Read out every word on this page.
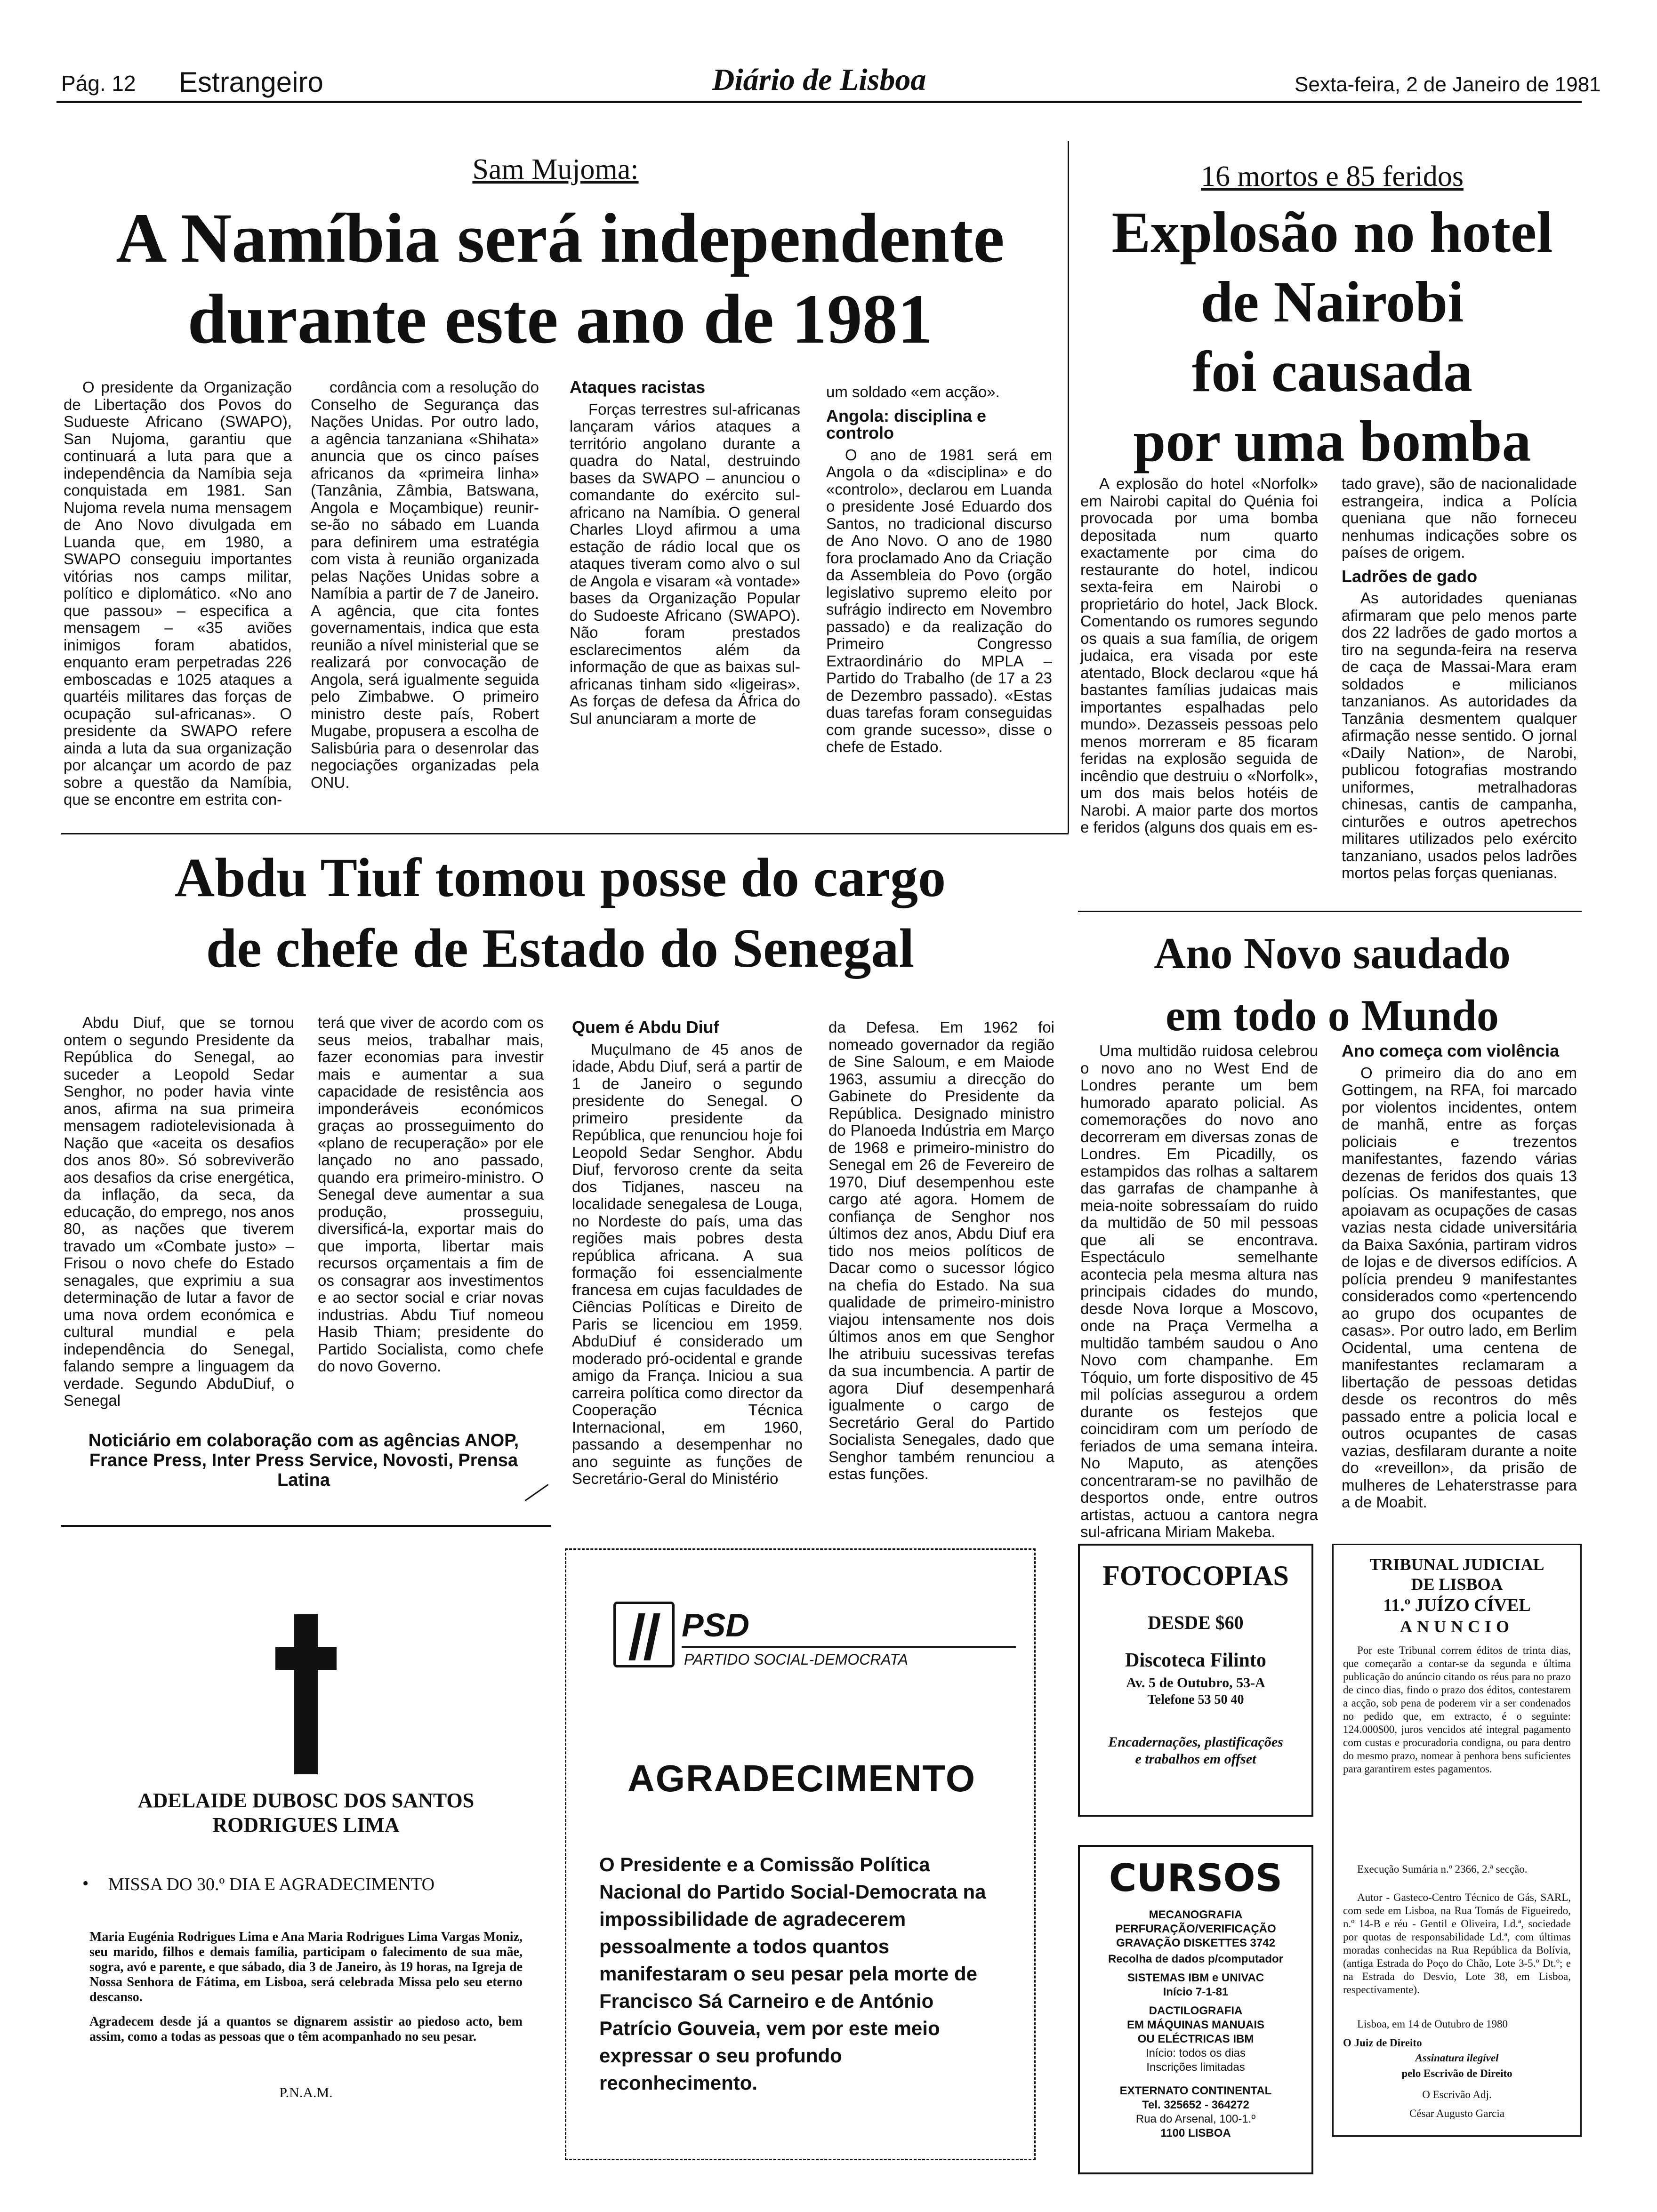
Pág. 12 Estrangeiro	Diário de Lisboa	Sexta-feira, 2 de Janeiro de 1981
Sam Mujoma:
A Namíbia será independente
durante este ano de 1981

O presidente da Organização de Libertação dos Povos do Sudueste Africano (SWAPO), San Nujoma, garantiu que continuará a luta para que a independência da Namíbia seja conquistada em 1981. San Nujoma revela numa mensagem de Ano Novo divulgada em Luanda que, em 1980, a SWAPO conseguiu importantes vitórias nos camps militar, político e diplomático. «No ano que passou» – especifica a mensagem – «35 aviões inimigos foram abatidos, enquanto eram perpetradas 226 emboscadas e 1025 ataques a quartéis militares das forças de ocupação sul-africanas». O presidente da SWAPO refere ainda a luta da sua organização por alcançar um acordo de paz sobre a questão da Namíbia, que se encontre em estrita con-

cordância com a resolução do Conselho de Segurança das Nações Unidas. Por outro lado, a agência tanzaniana «Shihata» anuncia que os cinco países africanos da «primeira linha» (Tanzânia, Zâmbia, Batswana, Angola e Moçambique) reunir-se-ão no sábado em Luanda para definirem uma estratégia com vista à reunião organizada pelas Nações Unidas sobre a Namíbia a partir de 7 de Janeiro. A agência, que cita fontes governamentais, indica que esta reunião a nível ministerial que se realizará por convocação de Angola, será igualmente seguida pelo Zimbabwe. O primeiro ministro deste país, Robert Mugabe, propusera a escolha de Salisbúria para o desenrolar das negociações organizadas pela ONU.

Ataques racistas

Forças terrestres sul-africanas lançaram vários ataques a território angolano durante a quadra do Natal, destruindo bases da SWAPO – anunciou o comandante do exército sul-africano na Namíbia. O general Charles Lloyd afirmou a uma estação de rádio local que os ataques tiveram como alvo o sul de Angola e visaram «à vontade» bases da Organização Popular do Sudoeste Africano (SWAPO). Não foram prestados esclarecimentos além da informação de que as baixas sul-africanas tinham sido «ligeiras». As forças de defesa da África do Sul anunciaram a morte de

um soldado «em acção».

Angola: disciplina e controlo

O ano de 1981 será em Angola o da «disciplina» e do «controlo», declarou em Luanda o presidente José Eduardo dos Santos, no tradicional discurso de Ano Novo. O ano de 1980 fora proclamado Ano da Criação da Assembleia do Povo (orgão legislativo supremo eleito por sufrágio indirecto em Novembro passado) e da realização do Primeiro Congresso Extraordinário do MPLA – Partido do Trabalho (de 17 a 23 de Dezembro passado). «Estas duas tarefas foram conseguidas com grande sucesso», disse o chefe de Estado.

16 mortos e 85 feridos
Explosão no hotel
de Nairobi
foi causada
por uma bomba

A explosão do hotel «Norfolk» em Nairobi capital do Quénia foi provocada por uma bomba depositada num quarto exactamente por cima do restaurante do hotel, indicou sexta-feira em Nairobi o proprietário do hotel, Jack Block. Comentando os rumores segundo os quais a sua família, de origem judaica, era visada por este atentado, Block declarou «que há bastantes famílias judaicas mais importantes espalhadas pelo mundo». Dezasseis pessoas pelo menos morreram e 85 ficaram feridas na explosão seguida de incêndio que destruiu o «Norfolk», um dos mais belos hotéis de Narobi. A maior parte dos mortos e feridos (alguns dos quais em es-

tado grave), são de nacionalidade estrangeira, indica a Polícia queniana que não forneceu nenhumas indicações sobre os países de origem.

Ladrões de gado

As autoridades quenianas afirmaram que pelo menos parte dos 22 ladrões de gado mortos a tiro na segunda-feira na reserva de caça de Massai-Mara eram soldados e milicianos tanzanianos. As autoridades da Tanzânia desmentem qualquer afirmação nesse sentido. O jornal «Daily Nation», de Narobi, publicou fotografias mostrando uniformes, metralhadoras chinesas, cantis de campanha, cinturões e outros apetrechos militares utilizados pelo exército tanzaniano, usados pelos ladrões mortos pelas forças quenianas.

Abdu Tiuf tomou posse do cargo
de chefe de Estado do Senegal

Abdu Diuf, que se tornou ontem o segundo Presidente da República do Senegal, ao suceder a Leopold Sedar Senghor, no poder havia vinte anos, afirma na sua primeira mensagem radiotelevisionada à Nação que «aceita os desafios dos anos 80». Só sobreviverão aos desafios da crise energética, da inflação, da seca, da educação, do emprego, nos anos 80, as nações que tiverem travado um «Combate justo» – Frisou o novo chefe do Estado senagales, que exprimiu a sua determinação de lutar a favor de uma nova ordem económica e cultural mundial e pela independência do Senegal, falando sempre a linguagem da verdade. Segundo AbduDiuf, o Senegal

terá que viver de acordo com os seus meios, trabalhar mais, fazer economias para investir mais e aumentar a sua capacidade de resistência aos imponderáveis económicos graças ao prosseguimento do «plano de recuperação» por ele lançado no ano passado, quando era primeiro-ministro. O Senegal deve aumentar a sua produção, prosseguiu, diversificá-la, exportar mais do que importa, libertar mais recursos orçamentais a fim de os consagrar aos investimentos e ao sector social e criar novas industrias. Abdu Tiuf nomeou Hasib Thiam; presidente do Partido Socialista, como chefe do novo Governo.

Quem é Abdu Diuf

Muçulmano de 45 anos de idade, Abdu Diuf, será a partir de 1 de Janeiro o segundo presidente do Senegal. O primeiro presidente da República, que renunciou hoje foi Leopold Sedar Senghor. Abdu Diuf, fervoroso crente da seita dos Tidjanes, nasceu na localidade senegalesa de Louga, no Nordeste do país, uma das regiões mais pobres desta república africana. A sua formação foi essencialmente francesa em cujas faculdades de Ciências Políticas e Direito de Paris se licenciou em 1959. AbduDiuf é considerado um moderado pró-ocidental e grande amigo da França. Iniciou a sua carreira política como director da Cooperação Técnica Internacional, em 1960, passando a desempenhar no ano seguinte as funções de Secretário-Geral do Ministério

da Defesa. Em 1962 foi nomeado governador da região de Sine Saloum, e em Maiode 1963, assumiu a direcção do Gabinete do Presidente da República. Designado ministro do Planoeda Indústria em Março de 1968 e primeiro-ministro do Senegal em 26 de Fevereiro de 1970, Diuf desempenhou este cargo até agora. Homem de confiança de Senghor nos últimos dez anos, Abdu Diuf era tido nos meios políticos de Dacar como o sucessor lógico na chefia do Estado. Na sua qualidade de primeiro-ministro viajou intensamente nos dois últimos anos em que Senghor lhe atribuiu sucessivas terefas da sua incumbencia. A partir de agora Diuf desempenhará igualmente o cargo de Secretário Geral do Partido Socialista Senegales, dado que Senghor também renunciou a estas funções.

Ano Novo saudado
em todo o Mundo

Uma multidão ruidosa celebrou o novo ano no West End de Londres perante um bem humorado aparato policial. As comemorações do novo ano decorreram em diversas zonas de Londres. Em Picadilly, os estampidos das rolhas a saltarem das garrafas de champanhe à meia-noite sobressaíam do ruido da multidão de 50 mil pessoas que ali se encontrava. Espectáculo semelhante acontecia pela mesma altura nas principais cidades do mundo, desde Nova Iorque a Moscovo, onde na Praça Vermelha a multidão também saudou o Ano Novo com champanhe. Em Tóquio, um forte dispositivo de 45 mil polícias assegurou a ordem durante os festejos que coincidiram com um período de feriados de uma semana inteira. No Maputo, as atenções concentraram-se no pavilhão de desportos onde, entre outros artistas, actuou a cantora negra sul-africana Miriam Makeba.

Ano começa com violência

O primeiro dia do ano em Gottingem, na RFA, foi marcado por violentos incidentes, ontem de manhã, entre as forças policiais e trezentos manifestantes, fazendo várias dezenas de feridos dos quais 13 polícias. Os manifestantes, que apoiavam as ocupações de casas vazias nesta cidade universitária da Baixa Saxónia, partiram vidros de lojas e de diversos edifícios. A polícia prendeu 9 manifestantes considerados como «pertencendo ao grupo dos ocupantes de casas». Por outro lado, em Berlim Ocidental, uma centena de manifestantes reclamaram a libertação de pessoas detidas desde os recontros do mês passado entre a policia local e outros ocupantes de casas vazias, desfilaram durante a noite do «reveillon», da prisão de mulheres de Lehaterstrasse para a de Moabit.

Noticiário em colaboração com as agências ANOP, France Press, Inter Press Service, Novosti, Prensa Latina
ADELAIDE DUBOSC DOS SANTOS
RODRIGUES LIMA
• MISSA DO 30.º DIA E AGRADECIMENTO
Maria Eugénia Rodrigues Lima e Ana Maria Rodrigues Lima Vargas Moniz, seu marido, filhos e demais família, participam o falecimento de sua mãe, sogra, avó e parente, e que sábado, dia 3 de Janeiro, às 19 horas, na Igreja de Nossa Senhora de Fátima, em Lisboa, será celebrada Missa pelo seu eterno descanso.
Agradecem desde já a quantos se dignarem assistir ao piedoso acto, bem assim, como a todas as pessoas que o têm acompanhado no seu pesar.
P.N.A.M.
PSD
PARTIDO SOCIAL-DEMOCRATA
AGRADECIMENTO
O Presidente e a Comissão Política Nacional do Partido Social-Democrata na impossibilidade de agradecerem pessoalmente a todos quantos manifestaram o seu pesar pela morte de Francisco Sá Carneiro e de António Patrício Gouveia, vem por este meio expressar o seu profundo reconhecimento.
FOTOCOPIAS
DESDE $60
Discoteca Filinto
Av. 5 de Outubro, 53-A
Telefone 53 50 40
Encadernações, plastificações e trabalhos em offset
CURSOS
MECANOGRAFIA
PERFURAÇÃO/VERIFICAÇÃO
GRAVAÇÃO DISKETTES 3742
Recolha de dados p/computador
SISTEMAS IBM e UNIVAC
Início 7-1-81
DACTILOGRAFIA
EM MÁQUINAS MANUAIS
OU ELÉCTRICAS IBM
Início: todos os dias
Inscrições limitadas
EXTERNATO CONTINENTAL
Tel. 325652 - 364272
Rua do Arsenal, 100-1.º
1100 LISBOA
TRIBUNAL JUDICIAL
DE LISBOA
11.º JUÍZO CÍVEL
ANUNCIO
Por este Tribunal correm éditos de trinta dias, que começarão a contar-se da segunda e última publicação do anúncio citando os réus para no prazo de cinco dias, findo o prazo dos éditos, contestarem a acção, sob pena de poderem vir a ser condenados no pedido que, em extracto, é o seguinte: 124.000$00, juros vencidos até integral pagamento com custas e procuradoria condigna, ou para dentro do mesmo prazo, nomear à penhora bens suficientes para garantirem estes pagamentos.
Execução Sumária n.º 2366, 2.ª secção.
Autor - Gasteco-Centro Técnico de Gás, SARL, com sede em Lisboa, na Rua Tomás de Figueiredo, n.º 14-B e réu - Gentil e Oliveira, Ld.ª, sociedade por quotas de responsabilidade Ld.ª, com últimas moradas conhecidas na Rua República da Bolívia, (antiga Estrada do Poço do Chão, Lote 3-5.º Dt.º; e na Estrada do Desvio, Lote 38, em Lisboa, respectivamente).
Lisboa, em 14 de Outubro de 1980
O Juiz de Direito
Assinatura ilegível
pelo Escrivão de Direito
O Escrivão Adj.
César Augusto Garcia
